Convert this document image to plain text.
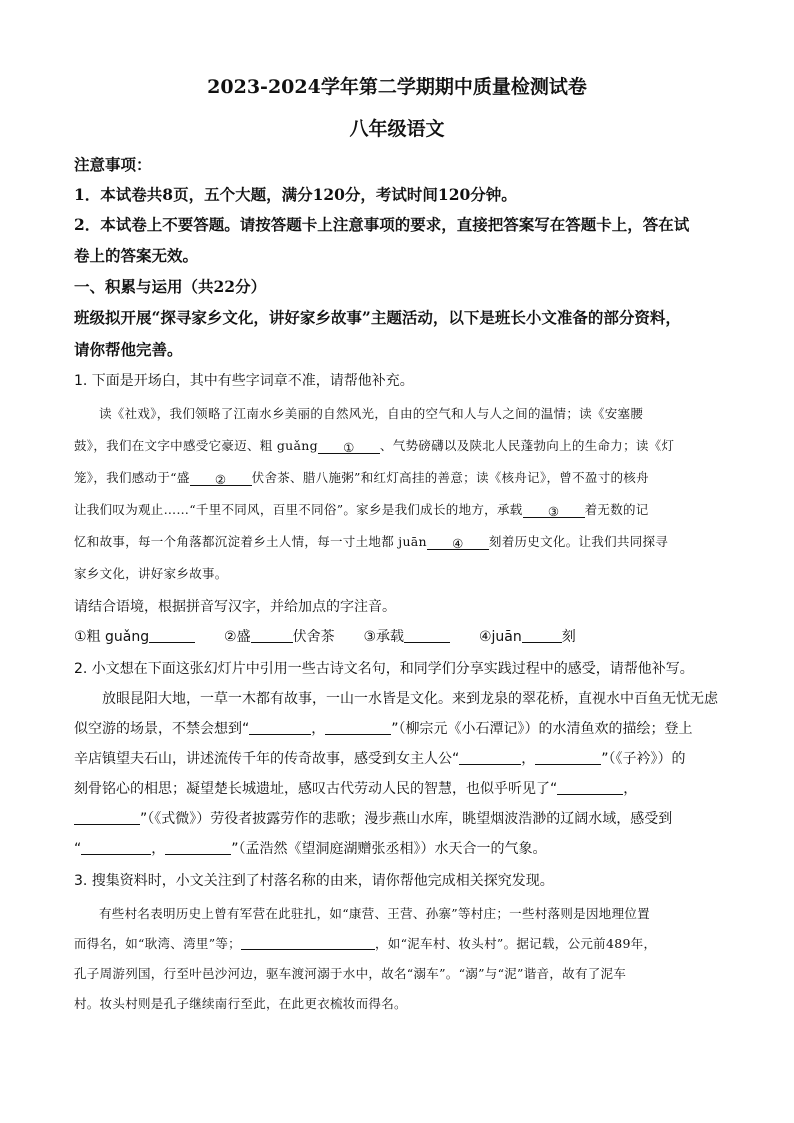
2023-2024学年第二学期期中质量检测试卷
八年级语文
注意事项：
1．本试卷共8页，五个大题，满分120分，考试时间120分钟。
2．本试卷上不要答题。请按答题卡上注意事项的要求，直接把答案写在答题卡上，答在试
卷上的答案无效。
一、积累与运用（共22分）
班级拟开展“探寻家乡文化，讲好家乡故事”主题活动，以下是班长小文准备的部分资料，
请你帮他完善。
1. 下面是开场白，其中有些字词章不准，请帮他补充。
读《社戏》，我们领略了江南水乡美丽的自然风光，自由的空气和人与人之间的温情；读《安塞腰
鼓》，我们在文字中感受它豪迈、粗 guǎng ① 、气势磅礴以及陕北人民蓬勃向上的生命力；读《灯
笼》，我们感动于“盛 ② 伏舍茶、腊八施粥”和红灯高挂的善意；读《核舟记》，曾不盈寸的核舟
让我们叹为观止……“千里不同风，百里不同俗”。家乡是我们成长的地方，承载 ③ 着无数的记
忆和故事，每一个角落都沉淀着乡土人情，每一寸土地都 juān ④ 刻着历史文化。让我们共同探寻
家乡文化，讲好家乡故事。
请结合语境，根据拼音写汉字，并给加点的字注音。
①粗 guǎng	②盛	伏舍茶 ③承载	④juān	刻
2. 小文想在下面这张幻灯片中引用一些古诗文名句，和同学们分享实践过程中的感受，请帮他补写。
放眼昆阳大地，一草一木都有故事，一山一水皆是文化。来到龙泉的翠花桥，直视水中百鱼无忧无虑
似空游的场景，不禁会想到“	，	”（柳宗元《小石潭记》）的水清鱼欢的描绘；登上
辛店镇望夫石山，讲述流传千年的传奇故事，感受到女主人公“	，	”（《子衿》）的
刻骨铭心的相思；凝望楚长城遗址，感叹古代劳动人民的智慧，也似乎听见了“	，
”（《式微》）劳役者披露劳作的悲歌；漫步燕山水库，眺望烟波浩渺的辽阔水域，感受到
“	，	”（孟浩然《望洞庭湖赠张丞相》）水天合一的气象。
3. 搜集资料时，小文关注到了村落名称的由来，请你帮他完成相关探究发现。
有些村名表明历史上曾有军营在此驻扎，如“康营、王营、孙寨”等村庄；一些村落则是因地理位置
而得名，如“耿湾、湾里”等；	，如“泥车村、妆头村”。据记载，公元前489年，
孔子周游列国，行至叶邑沙河边，驱车渡河溺于水中，故名“溺车”。“溺”与“泥”谐音，故有了泥车
村。妆头村则是孔子继续南行至此，在此更衣梳妆而得名。
